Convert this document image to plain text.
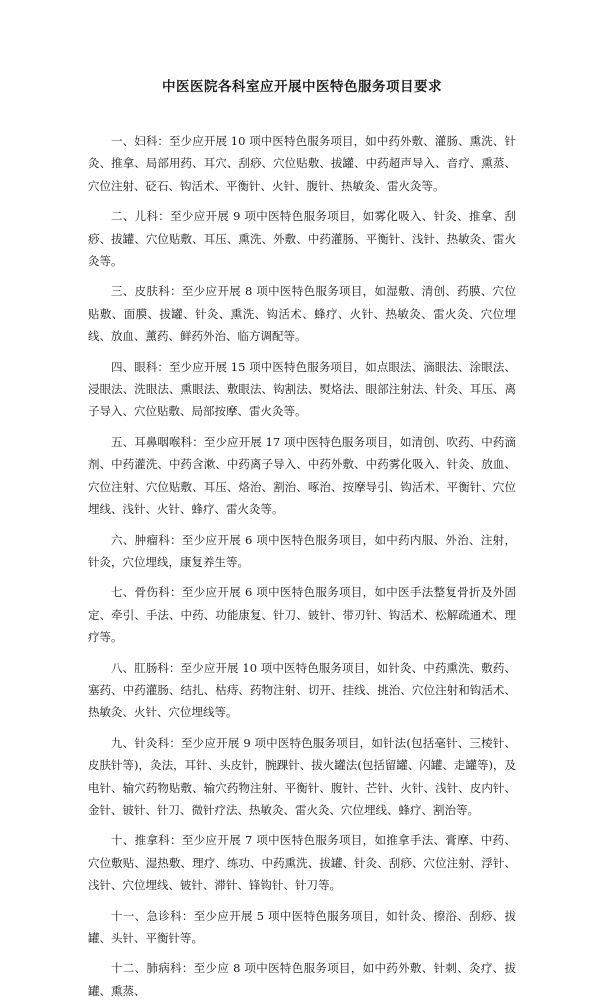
中医医院各科室应开展中医特色服务项目要求

一、妇科：至少应开展 10 项中医特色服务项目，如中药外敷、灌肠、熏洗、针灸、推拿、局部用药、耳穴、刮痧、穴位贴敷、拔罐、中药超声导入、音疗、熏蒸、穴位注射、砭石、钩活术、平衡针、火针、腹针、热敏灸、雷火灸等。

二、儿科：至少应开展 9 项中医特色服务项目，如雾化吸入、针灸、推拿、刮痧、拔罐、穴位贴敷、耳压、熏洗、外敷、中药灌肠、平衡针、浅针、热敏灸、雷火灸等。

三、皮肤科：至少应开展 8 项中医特色服务项目，如湿敷、清创、药膜、穴位贴敷、面膜、拔罐、针灸、熏洗、钩活术、蜂疗、火针、热敏灸、雷火灸、穴位埋线、放血、薰药、鲜药外治、临方调配等。

四、眼科：至少应开展 15 项中医特色服务项目，如点眼法、滴眼法、涂眼法、浸眼法、洗眼法、熏眼法、敷眼法、钩割法、熨烙法、眼部注射法、针灸、耳压、离子导入、穴位贴敷、局部按摩、雷火灸等。

五、耳鼻咽喉科：至少应开展 17 项中医特色服务项目，如清创、吹药、中药滴剂、中药灌洗、中药含漱、中药离子导入、中药外敷、中药雾化吸入、针灸、放血、穴位注射、穴位贴敷、耳压、烙治、割治、啄治、按摩导引、钩活术、平衡针、穴位埋线、浅针、火针、蜂疗、雷火灸等。

六、肿瘤科：至少应开展 6 项中医特色服务项目，如中药内服、外治、注射，针灸，穴位埋线，康复养生等。

七、骨伤科：至少应开展 6 项中医特色服务项目，如中医手法整复骨折及外固定、牵引、手法、中药、功能康复、针刀、铍针、带刃针、钩活术、松解疏通术、理疗等。

八、肛肠科：至少应开展 10 项中医特色服务项目，如针灸、中药熏洗、敷药、塞药、中药灌肠、结扎、枯痔、药物注射、切开、挂线、挑治、穴位注射和钩活术、热敏灸、火针、穴位埋线等。

九、针灸科：至少应开展 9 项中医特色服务项目，如针法(包括毫针、三棱针、皮肤针等)，灸法，耳针、头皮针，腕踝针、拔火罐法(包括留罐、闪罐、走罐等)，及电针、输穴药物贴敷、输穴药物注射、平衡针、腹针、芒针、火针、浅针、皮内针、金针、铍针、针刀、微针疗法、热敏灸、雷火灸、穴位埋线、蜂疗、割治等。

十、推拿科：至少应开展 7 项中医特色服务项目，如推拿手法、膏摩、中药、穴位敷贴、湿热敷、理疗、练功、中药熏洗、拔罐、针灸、刮痧、穴位注射、浮针、浅针、穴位埋线、铍针、滞针、锋钩针、针刀等。

十一、急诊科：至少应开展 5 项中医特色服务项目，如针灸、擦浴、刮痧、拔罐、头针、平衡针等。

十二、肺病科：至少应 8 项中医特色服务项目，如中药外敷、针刺、灸疗、拔罐、熏蒸、
